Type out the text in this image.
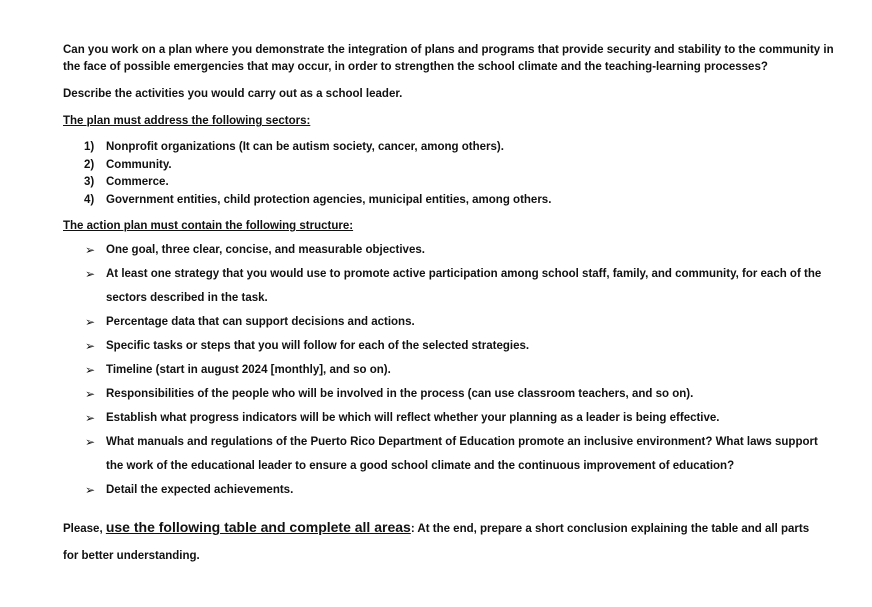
Can you work on a plan where you demonstrate the integration of plans and programs that provide security and stability to the community in
the face of possible emergencies that may occur, in order to strengthen the school climate and the teaching-learning processes?

Describe the activities you would carry out as a school leader.

The plan must address the following sectors:

1) Nonprofit organizations (It can be autism society, cancer, among others).
2) Community.
3) Commerce.
4) Government entities, child protection agencies, municipal entities, among others.

The action plan must contain the following structure:

➢ One goal, three clear, concise, and measurable objectives.
➢ At least one strategy that you would use to promote active participation among school staff, family, and community, for each of the
sectors described in the task.
➢ Percentage data that can support decisions and actions.
➢ Specific tasks or steps that you will follow for each of the selected strategies.
➢ Timeline (start in august 2024 [monthly], and so on).
➢ Responsibilities of the people who will be involved in the process (can use classroom teachers, and so on).
➢ Establish what progress indicators will be which will reflect whether your planning as a leader is being effective.
➢ What manuals and regulations of the Puerto Rico Department of Education promote an inclusive environment? What laws support
the work of the educational leader to ensure a good school climate and the continuous improvement of education?
➢ Detail the expected achievements.

Please, use the following table and complete all areas: At the end, prepare a short conclusion explaining the table and all parts

for better understanding.
